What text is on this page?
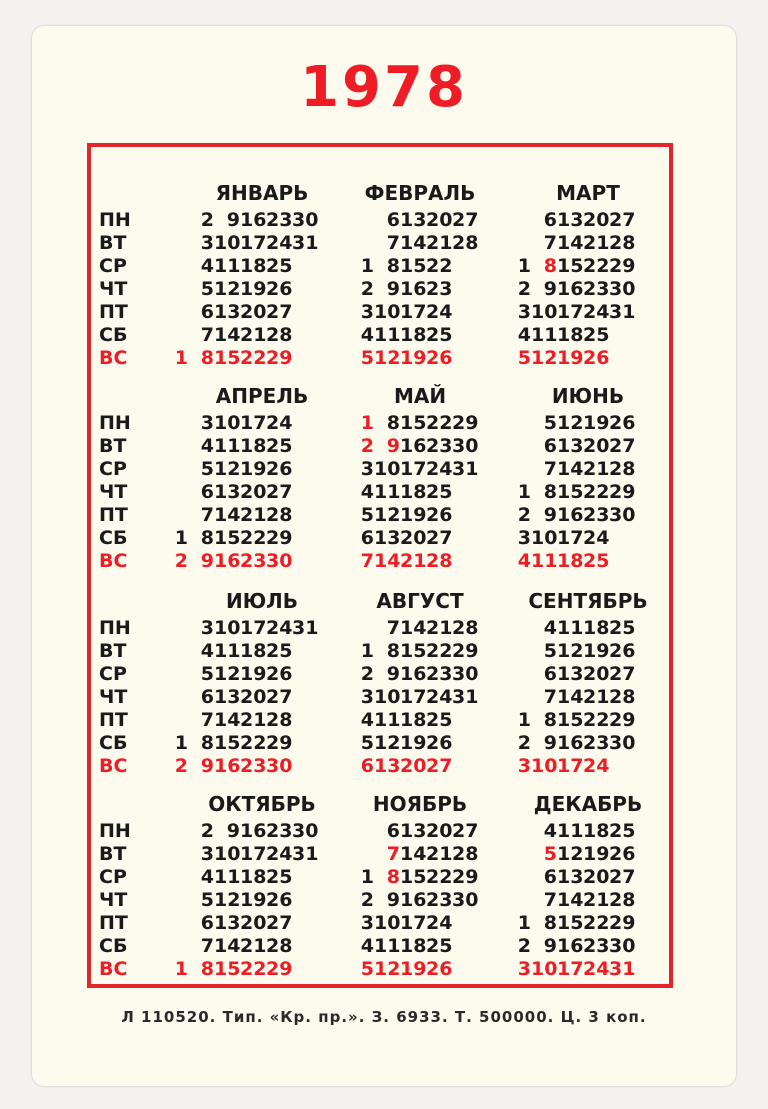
1978
ЯНВАРЬ
ПН
ВТ
СР
ЧТ
ПТ
СБ
ВС	1
2
3
4
5
6
7
8
9
10
11
12
13
14
15
16
17
18
19
20
21
22
23
24
25
26
27
28
29
30
31
ФЕВРАЛЬ
1
2
3
4
5
6
7
8
9
10
11
12
13
14
15
16
17
18
19
20
21
22
23
24
25
26
27
28
МАРТ
1
2
3
4
5
6
7
8
9
10
11
12
13
14
15
16
17
18
19
20
21
22
23
24
25
26
27
28
29
30
31
АПРЕЛЬ
ПН
ВТ
СР
ЧТ
ПТ
СБ
ВС
1
2
3
4
5
6
7
8
9
10
11
12
13
14
15
16
17
18
19
20
21
22
23
24
25
26
27
28
29
30
МАЙ
1
2
3
4
5
6
7
8
9
10
11
12
13
14
15
16
17
18
19
20
21
22
23
24
25
26
27
28
29
30
31
ИЮНЬ
1
2
3
4
5
6
7
8
9
10
11
12
13
14
15
16
17
18
19
20
21
22
23
24
25
26
27
28
29
30
ИЮЛЬ
ПН
ВТ
СР
ЧТ
ПТ
СБ
ВС
1
2
3
4
5
6
7
8
9
10
11
12
13
14
15
16
17
18
19
20
21
22
23
24
25
26
27
28
29
30
31
АВГУСТ
1
2
3
4
5
6
7
8
9
10
11
12
13
14
15
16
17
18
19
20
21
22
23
24
25
26
27
28
29
30
31
СЕНТЯБРЬ
1
2
3
4
5
6
7
8
9
10
11
12
13
14
15
16
17
18
19
20
21
22
23
24
25
26
27
28
29
30
ОКТЯБРЬ
ПН
ВТ
СР
ЧТ
ПТ
СБ
ВС	1
2
3
4
5
6
7
8
9
10
11
12
13
14
15
16
17
18
19
20
21
22
23
24
25
26
27
28
29
30
31
НОЯБРЬ
1
2
3
4
5
6
7
8
9
10
11
12
13
14
15
16
17
18
19
20
21
22
23
24
25
26
27
28
29
30
ДЕКАБРЬ
1
2
3
4
5
6
7
8
9
10
11
12
13
14
15
16
17
18
19
20
21
22
23
24
25
26
27
28
29
30
31
Л 110520. Тип. «Кр. пр.». З. 6933. Т. 500000. Ц. 3 коп.
